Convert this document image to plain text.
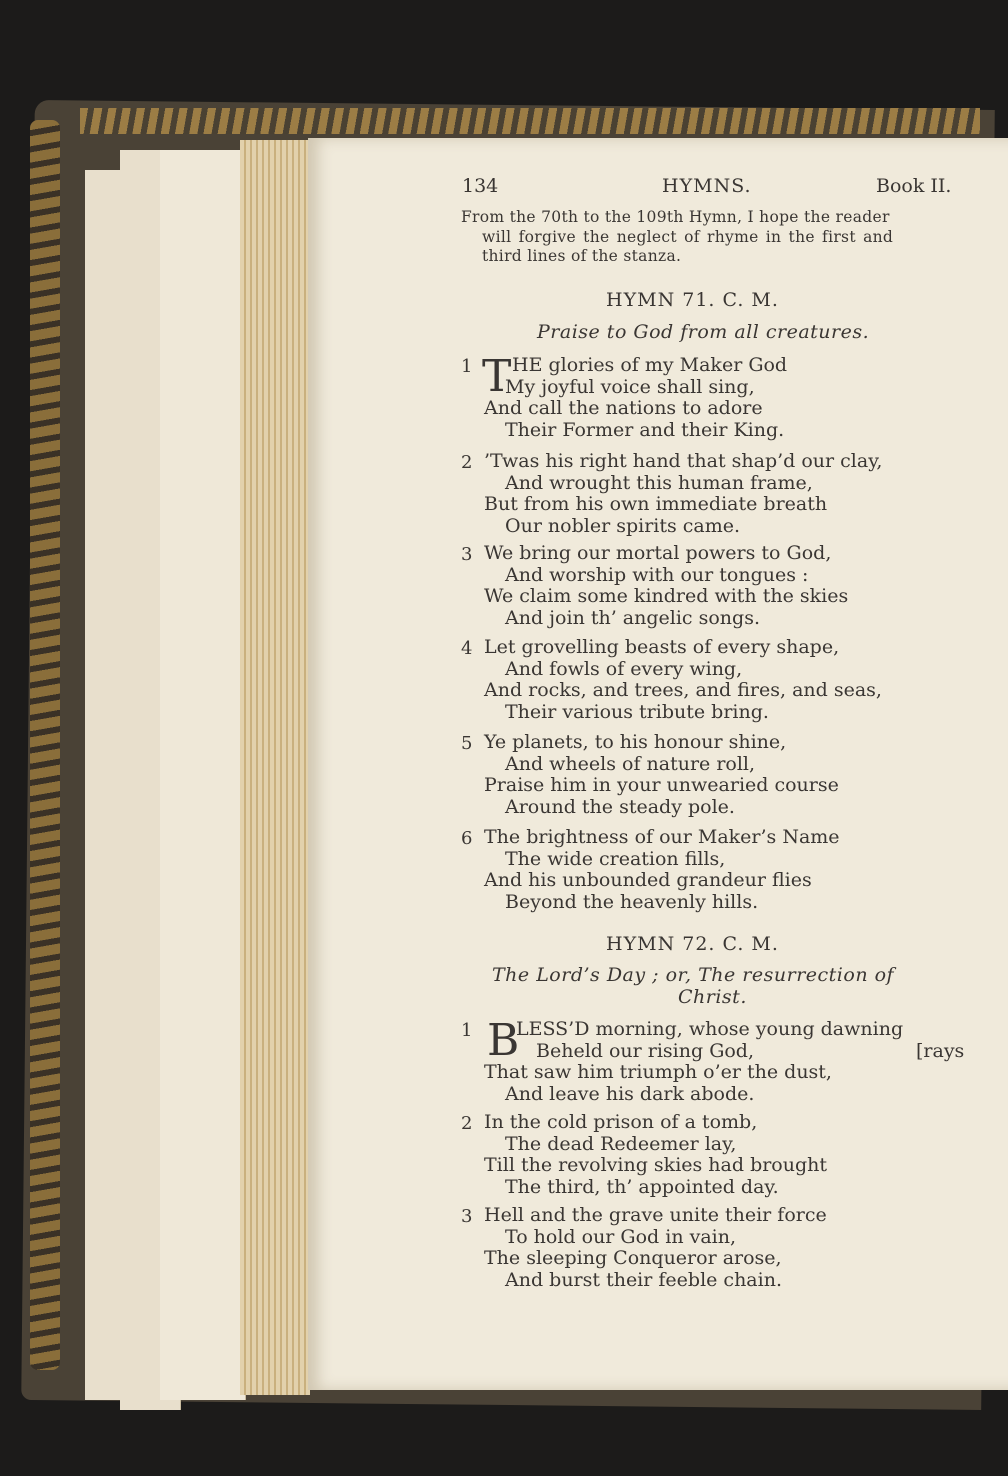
134	HYMNS.	Book II.
From the 70th to the 109th Hymn, I hope the reader
will forgive the neglect of rhyme in the first and
third lines of the stanza.
HYMN 71. C. M.
Praise to God from all creatures.
1 T HE glories of my Maker God
My joyful voice shall sing,
And call the nations to adore
Their Former and their King.
2 ’Twas his right hand that shap’d our clay,
And wrought this human frame,
But from his own immediate breath
Our nobler spirits came.
3 We bring our mortal powers to God,
And worship with our tongues :
We claim some kindred with the skies
And join th’ angelic songs.
4 Let grovelling beasts of every shape,
And fowls of every wing,
And rocks, and trees, and fires, and seas,
Their various tribute bring.
5 Ye planets, to his honour shine,
And wheels of nature roll,
Praise him in your unwearied course
Around the steady pole.
6 The brightness of our Maker’s Name
The wide creation fills,
And his unbounded grandeur flies
Beyond the heavenly hills.
HYMN 72. C. M.
The Lord’s Day ; or, The resurrection of
Christ.
1 B
LESS’D morning, whose young dawning
Beheld our rising God,
That saw him triumph o’er the dust,
And leave his dark abode.
[rays
2 In the cold prison of a tomb,
The dead Redeemer lay,
Till the revolving skies had brought
The third, th’ appointed day.
3 Hell and the grave unite their force
To hold our God in vain,
The sleeping Conqueror arose,
And burst their feeble chain.
